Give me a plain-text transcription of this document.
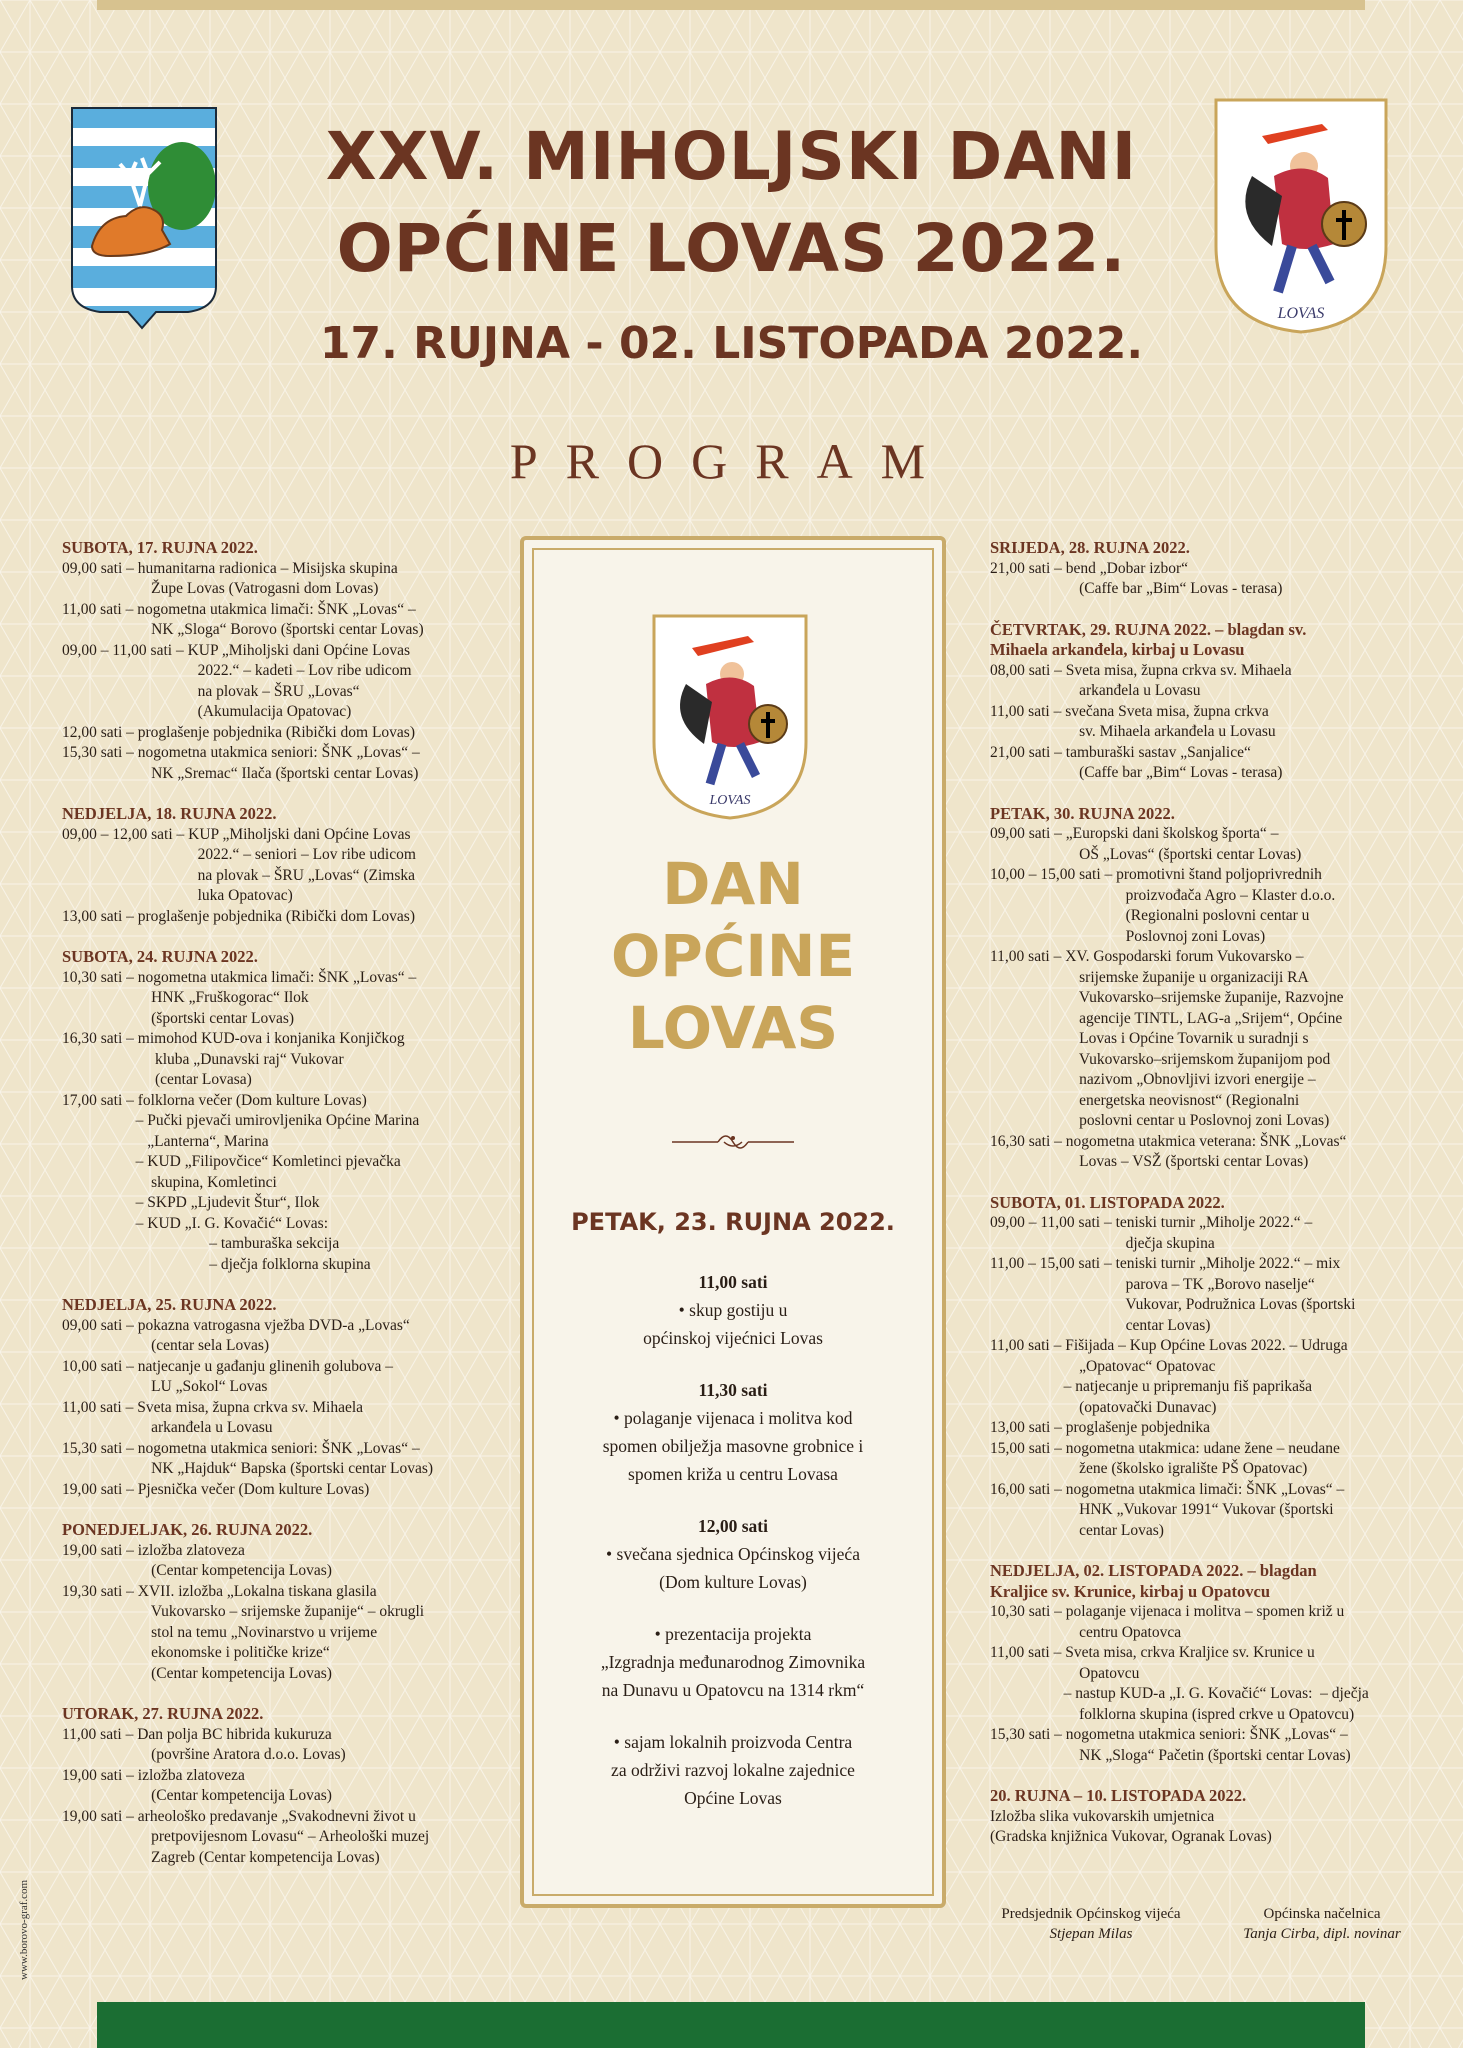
LOVAS
XXV. MIHOLJSKI DANI
OPĆINE LOVAS 2022.
17. RUJNA - 02. LISTOPADA 2022.
PROGRAM
SUBOTA, 17. RUJNA 2022.
09,00 sati – humanitarna radionica – Misijska skupina
Župe Lovas (Vatrogasni dom Lovas)
11,00 sati – nogometna utakmica limači: ŠNK „Lovas“ –
NK „Sloga“ Borovo (športski centar Lovas)
09,00 – 11,00 sati – KUP „Miholjski dani Općine Lovas
2022.“ – kadeti – Lov ribe udicom
na plovak – ŠRU „Lovas“
(Akumulacija Opatovac)
12,00 sati – proglašenje pobjednika (Ribički dom Lovas)
15,30 sati – nogometna utakmica seniori: ŠNK „Lovas“ –
NK „Sremac“ Ilača (športski centar Lovas)
NEDJELJA, 18. RUJNA 2022.
09,00 – 12,00 sati – KUP „Miholjski dani Općine Lovas
2022.“ – seniori – Lov ribe udicom
na plovak – ŠRU „Lovas“ (Zimska
luka Opatovac)
13,00 sati – proglašenje pobjednika (Ribički dom Lovas)
SUBOTA, 24. RUJNA 2022.
10,30 sati – nogometna utakmica limači: ŠNK „Lovas“ –
HNK „Fruškogorac“ Ilok
(športski centar Lovas)
16,30 sati – mimohod KUD-ova i konjanika Konjičkog
kluba „Dunavski raj“ Vukovar
(centar Lovasa)
17,00 sati – folklorna večer (Dom kulture Lovas)
– Pučki pjevači umirovljenika Općine Marina
„Lanterna“, Marina
– KUD „Filipovčice“ Komletinci pjevačka
skupina, Komletinci
– SKPD „Ljudevit Štur“, Ilok
– KUD „I. G. Kovačić“ Lovas:
– tamburaška sekcija
– dječja folklorna skupina
NEDJELJA, 25. RUJNA 2022.
09,00 sati – pokazna vatrogasna vježba DVD-a „Lovas“
(centar sela Lovas)
10,00 sati – natjecanje u gađanju glinenih golubova –
LU „Sokol“ Lovas
11,00 sati – Sveta misa, župna crkva sv. Mihaela
arkanđela u Lovasu
15,30 sati – nogometna utakmica seniori: ŠNK „Lovas“ –
NK „Hajduk“ Bapska (športski centar Lovas)
19,00 sati – Pjesnička večer (Dom kulture Lovas)
PONEDJELJAK, 26. RUJNA 2022.
19,00 sati – izložba zlatoveza
(Centar kompetencija Lovas)
19,30 sati – XVII. izložba „Lokalna tiskana glasila
Vukovarsko – srijemske županije“ – okrugli
stol na temu „Novinarstvo u vrijeme
ekonomske i političke krize“
(Centar kompetencija Lovas)
UTORAK, 27. RUJNA 2022.
11,00 sati – Dan polja BC hibrida kukuruza
(površine Aratora d.o.o. Lovas)
19,00 sati – izložba zlatoveza
(Centar kompetencija Lovas)
19,00 sati – arheološko predavanje „Svakodnevni život u
pretpovijesnom Lovasu“ – Arheološki muzej
Zagreb (Centar kompetencija Lovas)
LOVAS
DAN
OPĆINE
LOVAS
PETAK, 23. RUJNA 2022.
11,00 sati
• skup gostiju u
općinskoj vijećnici Lovas
11,30 sati
• polaganje vijenaca i molitva kod
spomen obilježja masovne grobnice i
spomen križa u centru Lovasa
12,00 sati
• svečana sjednica Općinskog vijeća
(Dom kulture Lovas)
• prezentacija projekta
„Izgradnja međunarodnog Zimovnika
na Dunavu u Opatovcu na 1314 rkm“
• sajam lokalnih proizvoda Centra
za održivi razvoj lokalne zajednice
Općine Lovas
SRIJEDA, 28. RUJNA 2022.
21,00 sati – bend „Dobar izbor“
(Caffe bar „Bim“ Lovas - terasa)
ČETVRTAK, 29. RUJNA 2022. – blagdan sv.
Mihaela arkanđela, kirbaj u Lovasu
08,00 sati – Sveta misa, župna crkva sv. Mihaela
arkanđela u Lovasu
11,00 sati – svečana Sveta misa, župna crkva
sv. Mihaela arkanđela u Lovasu
21,00 sati – tamburaški sastav „Sanjalice“
(Caffe bar „Bim“ Lovas - terasa)
PETAK, 30. RUJNA 2022.
09,00 sati – „Europski dani školskog športa“ –
OŠ „Lovas“ (športski centar Lovas)
10,00 – 15,00 sati – promotivni štand poljoprivrednih
proizvođača Agro – Klaster d.o.o.
(Regionalni poslovni centar u
Poslovnoj zoni Lovas)
11,00 sati – XV. Gospodarski forum Vukovarsko –
srijemske županije u organizaciji RA
Vukovarsko–srijemske županije, Razvojne
agencije TINTL, LAG-a „Srijem“, Općine
Lovas i Općine Tovarnik u suradnji s
Vukovarsko–srijemskom županijom pod
nazivom „Obnovljivi izvori energije –
energetska neovisnost“ (Regionalni
poslovni centar u Poslovnoj zoni Lovas)
16,30 sati – nogometna utakmica veterana: ŠNK „Lovas“
Lovas – VSŽ (športski centar Lovas)
SUBOTA, 01. LISTOPADA 2022.
09,00 – 11,00 sati – teniski turnir „Miholje 2022.“ –
dječja skupina
11,00 – 15,00 sati – teniski turnir „Miholje 2022.“ – mix
parova – TK „Borovo naselje“
Vukovar, Podružnica Lovas (športski
centar Lovas)
11,00 sati – Fišijada – Kup Općine Lovas 2022. – Udruga
„Opatovac“ Opatovac
– natjecanje u pripremanju fiš paprikaša
(opatovački Dunavac)
13,00 sati – proglašenje pobjednika
15,00 sati – nogometna utakmica: udane žene – neudane
žene (školsko igralište PŠ Opatovac)
16,00 sati – nogometna utakmica limači: ŠNK „Lovas“ –
HNK „Vukovar 1991“ Vukovar (športski
centar Lovas)
NEDJELJA, 02. LISTOPADA 2022. – blagdan
Kraljice sv. Krunice, kirbaj u Opatovcu
10,30 sati – polaganje vijenaca i molitva – spomen križ u
centru Opatovca
11,00 sati – Sveta misa, crkva Kraljice sv. Krunice u
Opatovcu
– nastup KUD-a „I. G. Kovačić“ Lovas:  – dječja
folklorna skupina (ispred crkve u Opatovcu)
15,30 sati – nogometna utakmica seniori: ŠNK „Lovas“ –
NK „Sloga“ Pačetin (športski centar Lovas)
20. RUJNA – 10. LISTOPADA 2022.
Izložba slika vukovarskih umjetnica
(Gradska knjižnica Vukovar, Ogranak Lovas)
Predsjednik Općinskog vijeća
Stjepan Milas
Općinska načelnica
Tanja Cirba, dipl. novinar
www.borovo-graf.com
